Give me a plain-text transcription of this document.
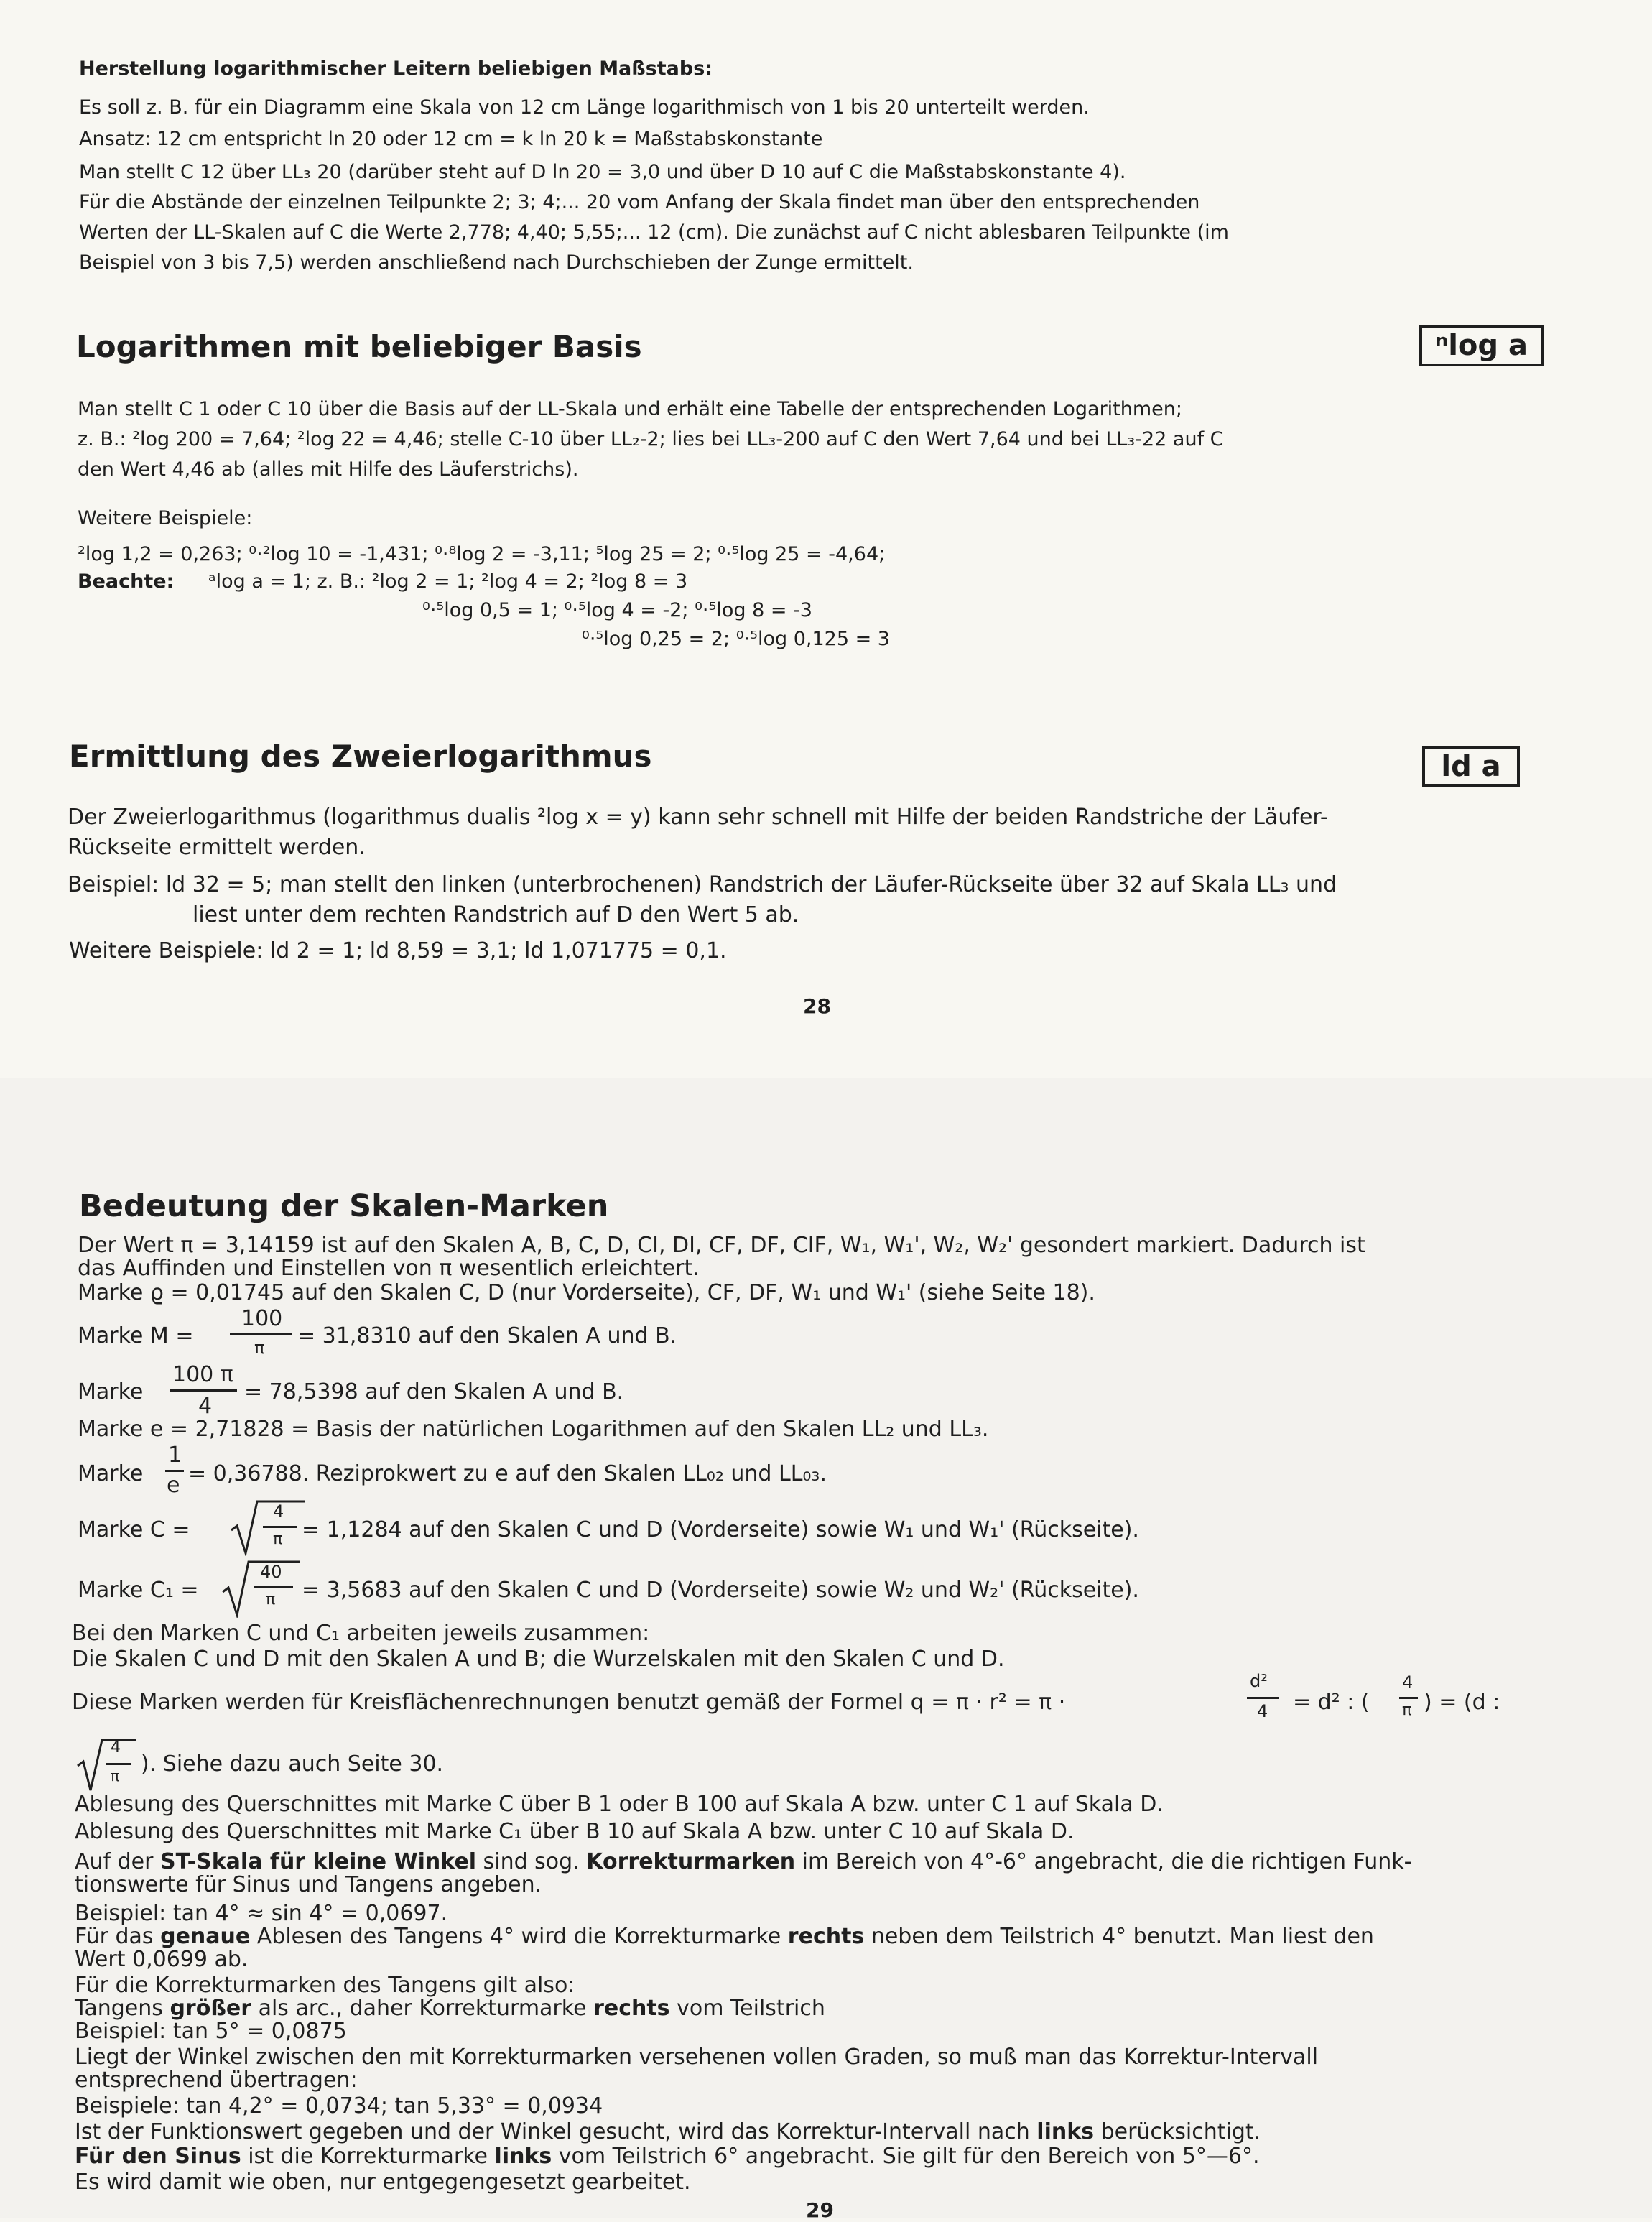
Herstellung logarithmischer Leitern beliebigen Maßstabs:
Es soll z. B. für ein Diagramm eine Skala von 12 cm Länge logarithmisch von 1 bis 20 unterteilt werden.
Ansatz: 12 cm entspricht ln 20 oder 12 cm = k ln 20 k = Maßstabskonstante
Man stellt C 12 über LL₃ 20 (darüber steht auf D ln 20 = 3,0 und über D 10 auf C die Maßstabskonstante 4).
Für die Abstände der einzelnen Teilpunkte 2; 3; 4;... 20 vom Anfang der Skala findet man über den entsprechenden
Werten der LL-Skalen auf C die Werte 2,778; 4,40; 5,55;... 12 (cm). Die zunächst auf C nicht ablesbaren Teilpunkte (im
Beispiel von 3 bis 7,5) werden anschließend nach Durchschieben der Zunge ermittelt.
Logarithmen mit beliebiger Basis	ⁿlog a
Man stellt C 1 oder C 10 über die Basis auf der LL-Skala und erhält eine Tabelle der entsprechenden Logarithmen;
z. B.: ²log 200 = 7,64; ²log 22 = 4,46; stelle C-10 über LL₂-2; lies bei LL₃-200 auf C den Wert 7,64 und bei LL₃-22 auf C
den Wert 4,46 ab (alles mit Hilfe des Läuferstrichs).
Weitere Beispiele:
²log 1,2 = 0,263; ⁰·²log 10 = -1,431; ⁰·⁸log 2 = -3,11; ⁵log 25 = 2; ⁰·⁵log 25 = -4,64;
Beachte: ᵃlog a = 1; z. B.: ²log 2 = 1; ²log 4 = 2; ²log 8 = 3
⁰·⁵log 0,5 = 1; ⁰·⁵log 4 = -2; ⁰·⁵log 8 = -3
⁰·⁵log 0,25 = 2; ⁰·⁵log 0,125 = 3
Ermittlung des Zweierlogarithmus	ld a
Der Zweierlogarithmus (logarithmus dualis ²log x = y) kann sehr schnell mit Hilfe der beiden Randstriche der Läufer-
Rückseite ermittelt werden.
Beispiel: ld 32 = 5; man stellt den linken (unterbrochenen) Randstrich der Läufer-Rückseite über 32 auf Skala LL₃ und
liest unter dem rechten Randstrich auf D den Wert 5 ab.
Weitere Beispiele: ld 2 = 1; ld 8,59 = 3,1; ld 1,071775 = 0,1.
28
Bedeutung der Skalen-Marken
Der Wert π = 3,14159 ist auf den Skalen A, B, C, D, CI, DI, CF, DF, CIF, W₁, W₁', W₂, W₂' gesondert markiert. Dadurch ist
das Auffinden und Einstellen von π wesentlich erleichtert.
Marke ϱ = 0,01745 auf den Skalen C, D (nur Vorderseite), CF, DF, W₁ und W₁' (siehe Seite 18).
Marke M =
100
π = 31,8310 auf den Skalen A und B.
Marke
100 π
4
= 78,5398 auf den Skalen A und B.
Marke e = 2,71828 = Basis der natürlichen Logarithmen auf den Skalen LL₂ und LL₃.
Marke
1
e = 0,36788. Reziprokwert zu e auf den Skalen LL₀₂ und LL₀₃.
Marke C =
4
π = 1,1284 auf den Skalen C und D (Vorderseite) sowie W₁ und W₁' (Rückseite).
Marke C₁ =
40
π = 3,5683 auf den Skalen C und D (Vorderseite) sowie W₂ und W₂' (Rückseite).
Bei den Marken C und C₁ arbeiten jeweils zusammen:
Die Skalen C und D mit den Skalen A und B; die Wurzelskalen mit den Skalen C und D.
Diese Marken werden für Kreisflächenrechnungen benutzt gemäß der Formel q = π · r² = π ·
d²
4 = d² : (
4
π ) = (d :
4
π ). Siehe dazu auch Seite 30.
Ablesung des Querschnittes mit Marke C über B 1 oder B 100 auf Skala A bzw. unter C 1 auf Skala D.
Ablesung des Querschnittes mit Marke C₁ über B 10 auf Skala A bzw. unter C 10 auf Skala D.
Auf der ST-Skala für kleine Winkel sind sog. Korrekturmarken im Bereich von 4°-6° angebracht, die die richtigen Funk-
tionswerte für Sinus und Tangens angeben.
Beispiel: tan 4° ≈ sin 4° = 0,0697.
Für das genaue Ablesen des Tangens 4° wird die Korrekturmarke rechts neben dem Teilstrich 4° benutzt. Man liest den
Wert 0,0699 ab.
Für die Korrekturmarken des Tangens gilt also:
Tangens größer als arc., daher Korrekturmarke rechts vom Teilstrich
Beispiel: tan 5° = 0,0875
Liegt der Winkel zwischen den mit Korrekturmarken versehenen vollen Graden, so muß man das Korrektur-Intervall
entsprechend übertragen:
Beispiele: tan 4,2° = 0,0734; tan 5,33° = 0,0934
Ist der Funktionswert gegeben und der Winkel gesucht, wird das Korrektur-Intervall nach links berücksichtigt.
Für den Sinus ist die Korrekturmarke links vom Teilstrich 6° angebracht. Sie gilt für den Bereich von 5°—6°.
Es wird damit wie oben, nur entgegengesetzt gearbeitet.
29
